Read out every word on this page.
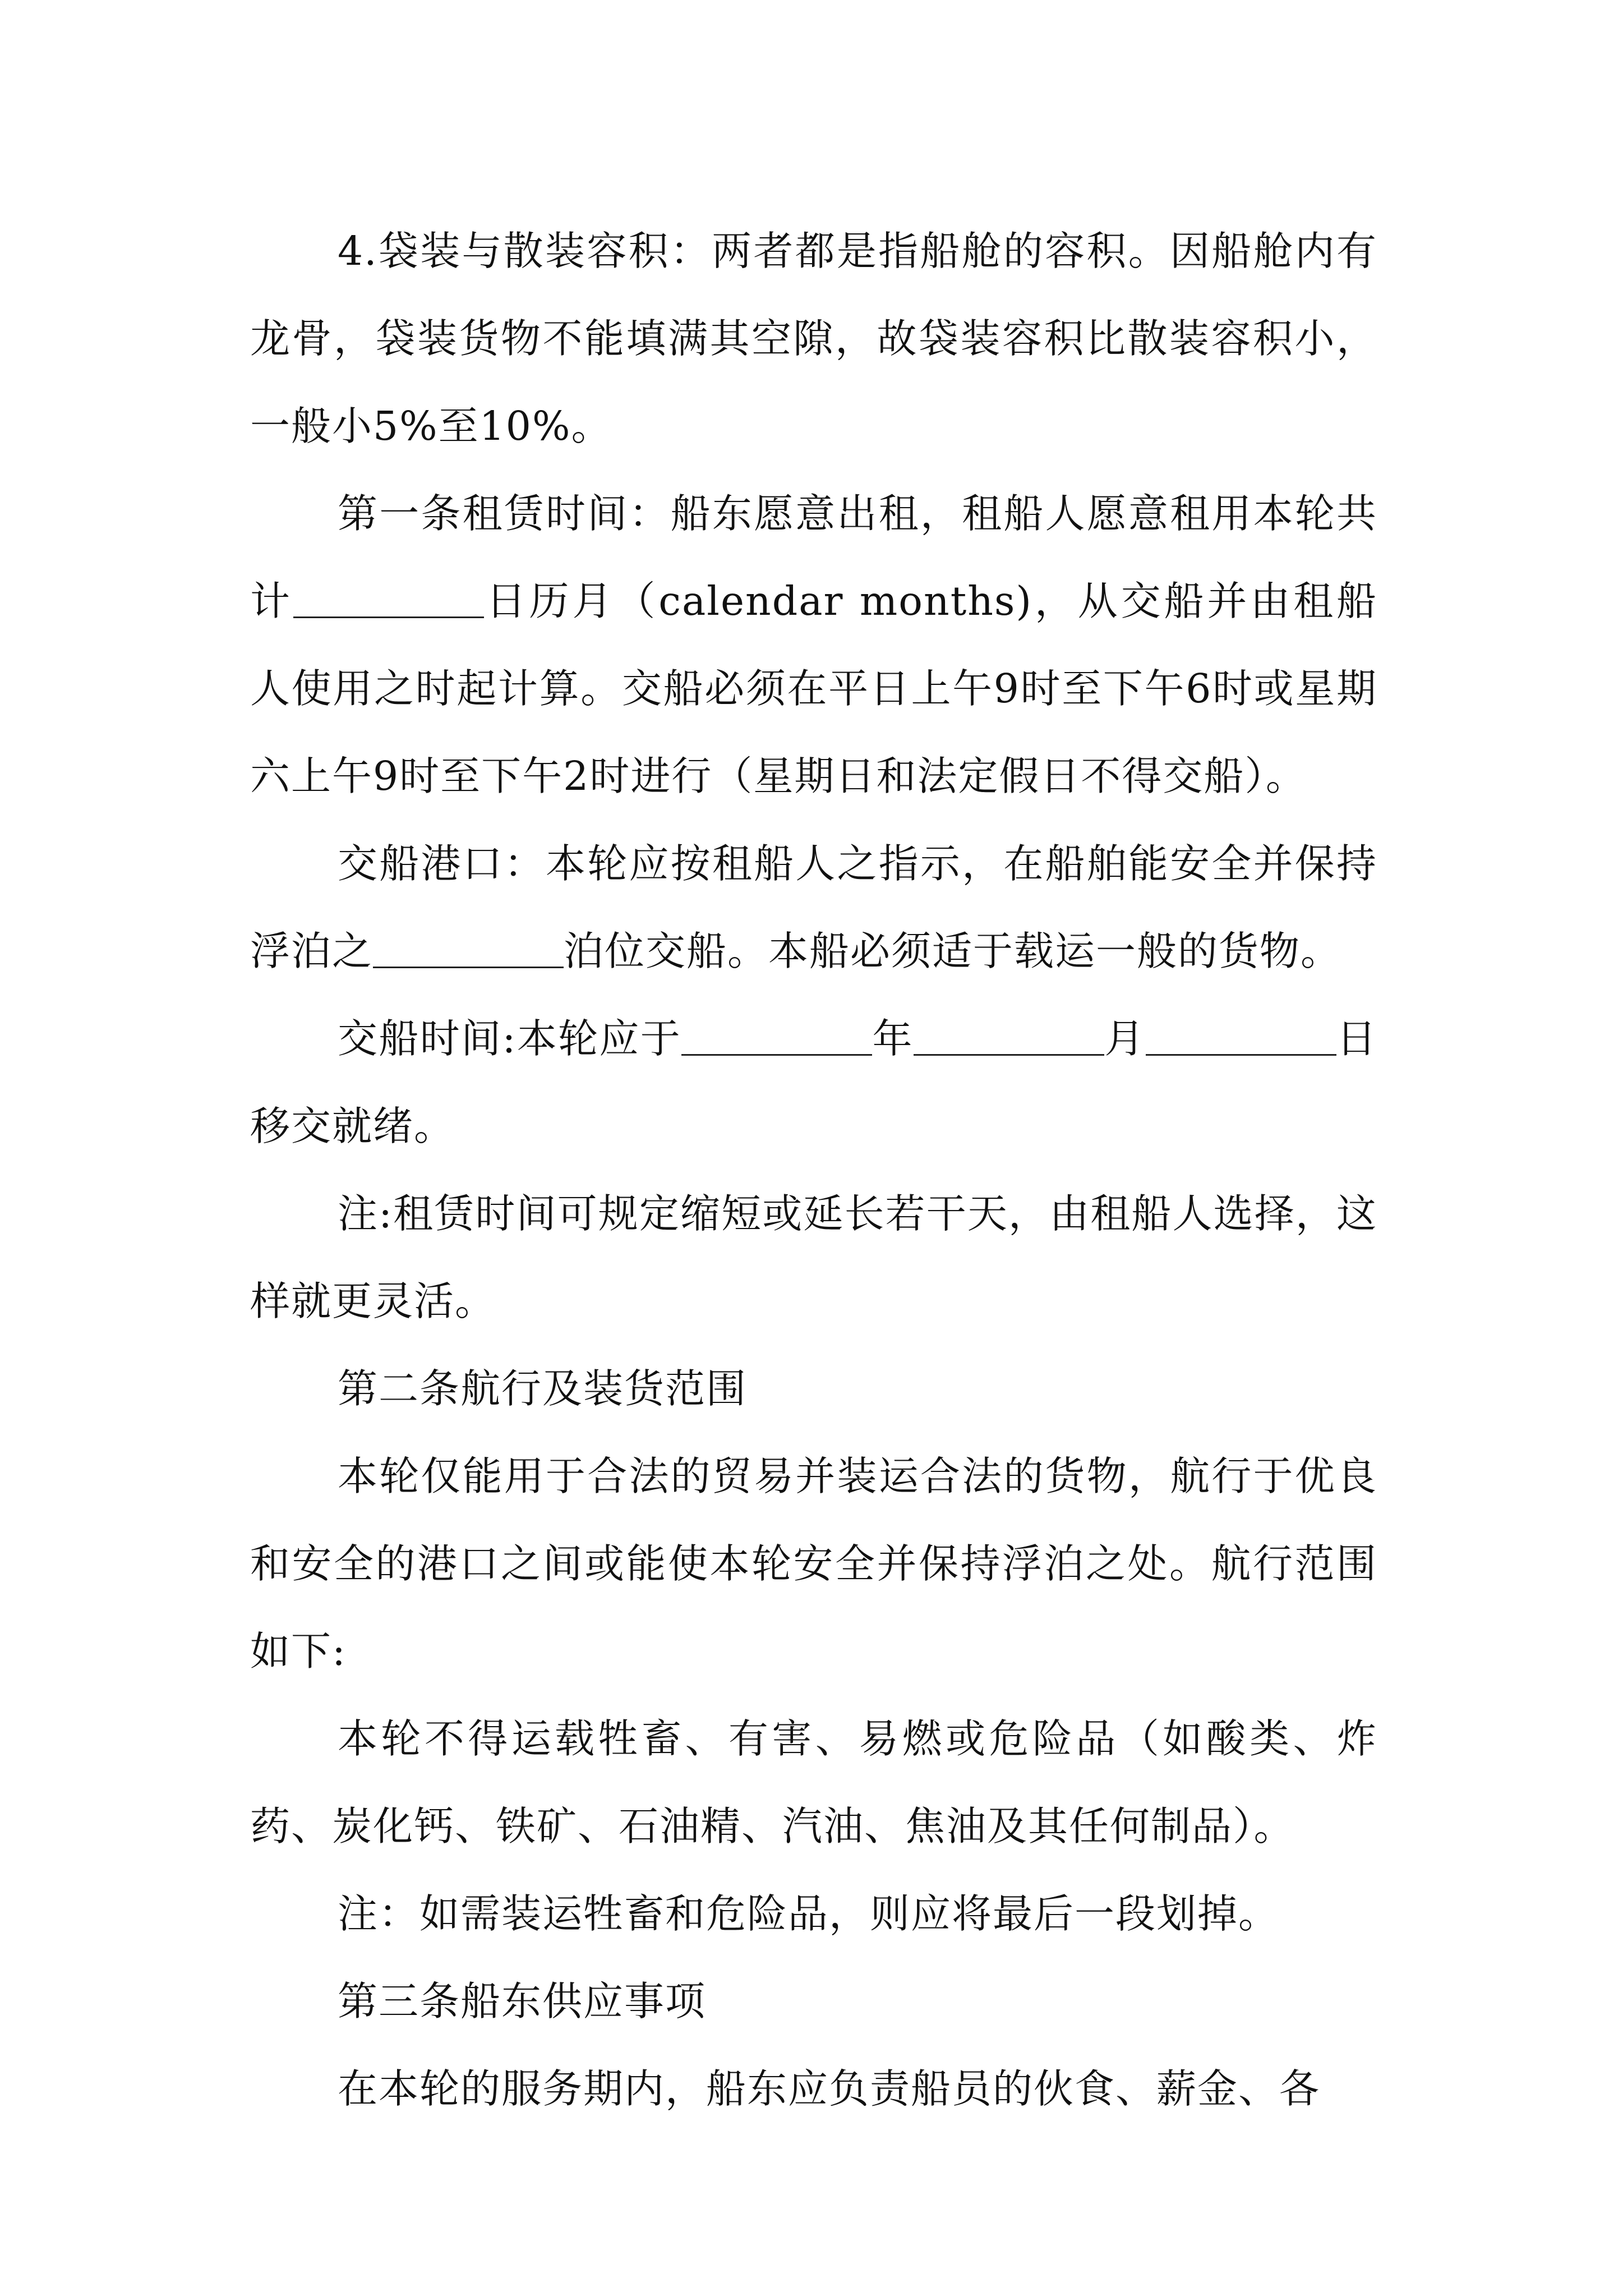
4.袋装与散装容积：两者都是指船舱的容积。因船舱内有龙骨，袋装货物不能填满其空隙，故袋装容积比散装容积小，一般小5%至10%。

第一条租赁时间：船东愿意出租，租船人愿意租用本轮共计	日历月（calendar months)，从交船并由租船人使用之时起计算。交船必须在平日上午9时至下午6时或星期六上午9时至下午2时进行（星期日和法定假日不得交船）。

交船港口：本轮应按租船人之指示，在船舶能安全并保持浮泊之	泊位交船。本船必须适于载运一般的货物。

交船时间:本轮应于	年	月	日移交就绪。

注:租赁时间可规定缩短或延长若干天，由租船人选择，这样就更灵活。

第二条航行及装货范围

本轮仅能用于合法的贸易并装运合法的货物，航行于优良和安全的港口之间或能使本轮安全并保持浮泊之处。航行范围如下:

本轮不得运载牲畜、有害、易燃或危险品（如酸类、炸药、炭化钙、铁矿、石油精、汽油、焦油及其任何制品）。

注：如需装运牲畜和危险品，则应将最后一段划掉。

第三条船东供应事项

在本轮的服务期内，船东应负责船员的伙食、薪金、各
